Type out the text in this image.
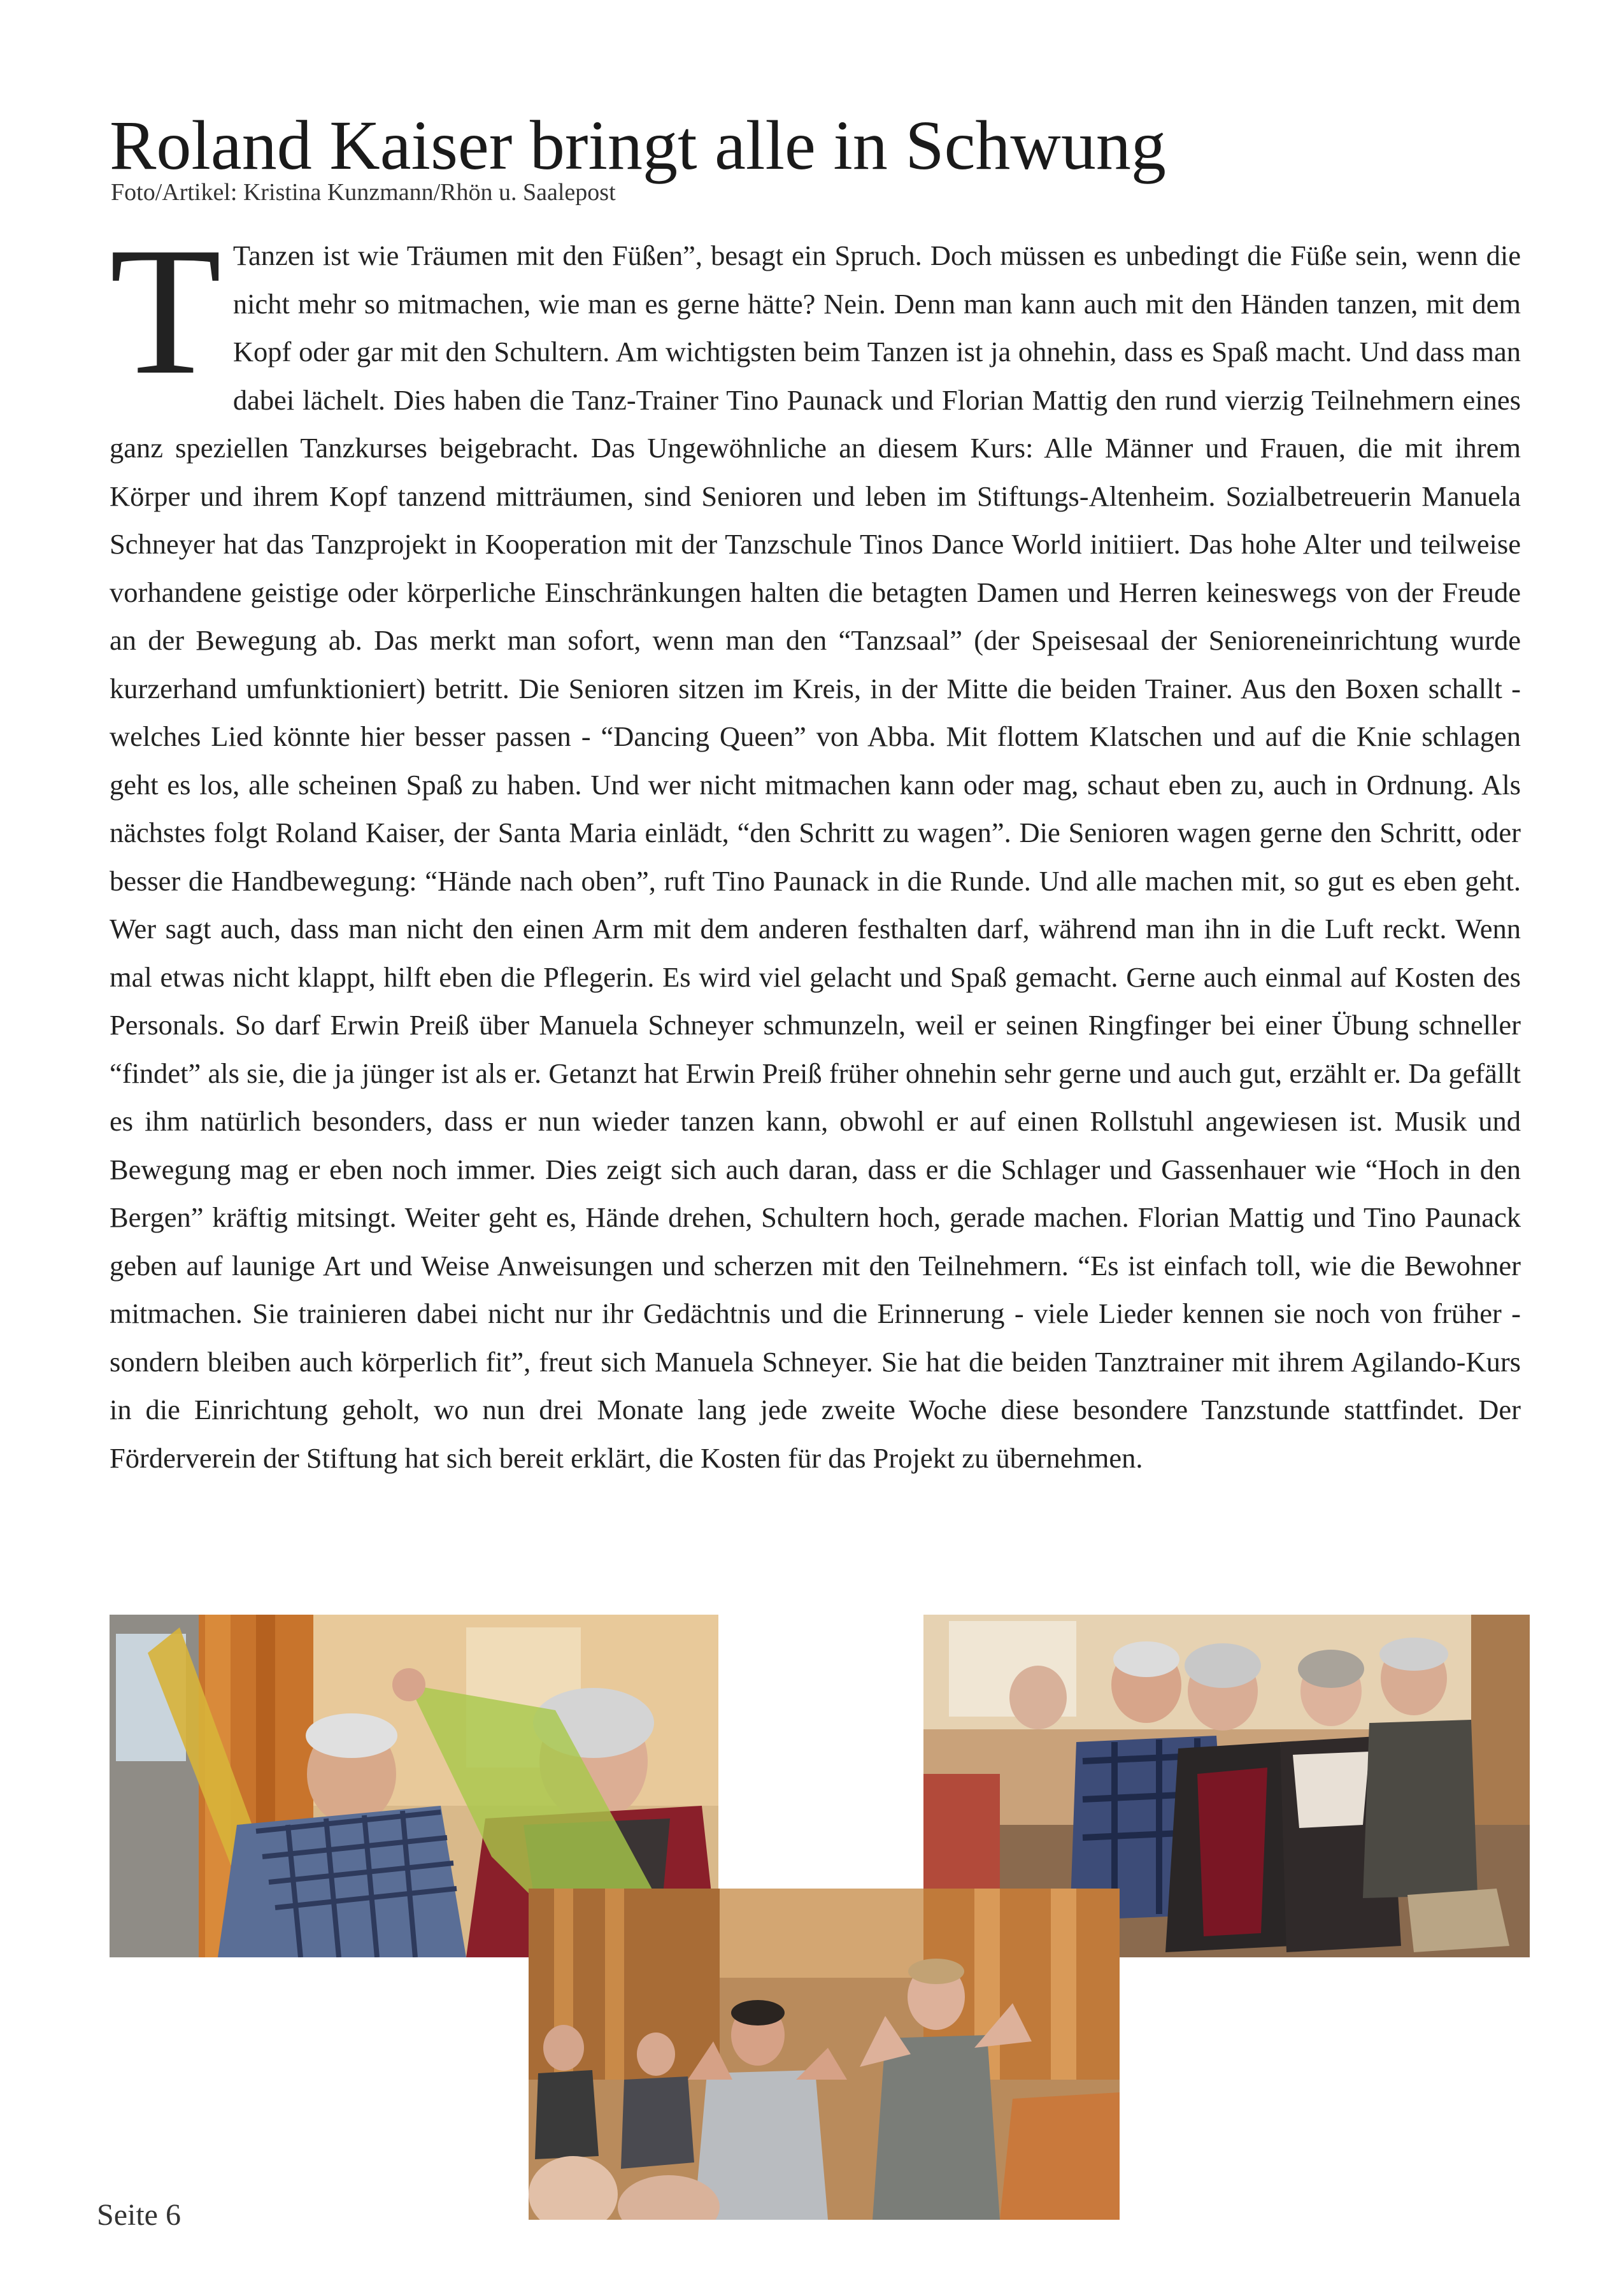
Roland Kaiser bringt alle in Schwung
Foto/Artikel: Kristina Kunzmann/Rhön u. Saalepost

T Tanzen ist wie Träumen mit den Füßen”, besagt ein Spruch. Doch müssen es unbedingt die Füße sein, wenn die nicht mehr so mitmachen, wie man es gerne hätte? Nein. Denn man kann auch mit den Händen tanzen, mit dem Kopf oder gar mit den Schultern. Am wichtigsten beim Tanzen ist ja ohnehin, dass es Spaß macht. Und dass man dabei lächelt. Dies haben die Tanz-Trainer Tino Paunack und Florian Mattig den rund vierzig Teilnehmern eines ganz speziellen Tanzkurses beigebracht. Das Ungewöhnliche an diesem Kurs: Alle Männer und Frauen, die mit ihrem Körper und ihrem Kopf tanzend mitträumen, sind Senioren und leben im Stiftungs-Altenheim. Sozialbetreuerin Manuela Schneyer hat das Tanzprojekt in Kooperation mit der Tanzschule Tinos Dance World initiiert. Das hohe Alter und teilweise vorhandene geistige oder körperliche Einschränkungen halten die betagten Damen und Herren keineswegs von der Freude an der Bewegung ab. Das merkt man sofort, wenn man den “Tanzsaal” (der Speisesaal der Senioreneinrichtung wurde kurzerhand umfunktioniert) betritt. Die Senioren sitzen im Kreis, in der Mitte die beiden Trainer. Aus den Boxen schallt - welches Lied könnte hier besser passen - “Dancing Queen” von Abba. Mit flottem Klatschen und auf die Knie schlagen geht es los, alle scheinen Spaß zu haben. Und wer nicht mitmachen kann oder mag, schaut eben zu, auch in Ordnung. Als nächstes folgt Roland Kaiser, der Santa Maria einlädt, “den Schritt zu wagen”. Die Senioren wagen gerne den Schritt, oder besser die Handbewegung: “Hände nach oben”, ruft Tino Paunack in die Runde. Und alle machen mit, so gut es eben geht. Wer sagt auch, dass man nicht den einen Arm mit dem anderen festhalten darf, während man ihn in die Luft reckt. Wenn mal etwas nicht klappt, hilft eben die Pflegerin. Es wird viel gelacht und Spaß gemacht. Gerne auch einmal auf Kosten des Personals. So darf Erwin Preiß über Manuela Schneyer schmunzeln, weil er seinen Ringfinger bei einer Übung schneller “findet” als sie, die ja jünger ist als er. Getanzt hat Erwin Preiß früher ohnehin sehr gerne und auch gut, erzählt er. Da gefällt es ihm natürlich besonders, dass er nun wieder tanzen kann, obwohl er auf einen Rollstuhl angewiesen ist. Musik und Bewegung mag er eben noch immer. Dies zeigt sich auch daran, dass er die Schlager und Gassenhauer wie “Hoch in den Bergen” kräftig mitsingt. Weiter geht es, Hände drehen, Schultern hoch, gerade machen. Florian Mattig und Tino Paunack geben auf launige Art und Weise Anweisungen und scherzen mit den Teilnehmern. “Es ist einfach toll, wie die Bewohner mitmachen. Sie trainieren dabei nicht nur ihr Gedächtnis und die Erinnerung - viele Lieder kennen sie noch von früher - sondern bleiben auch körperlich fit”, freut sich Manuela Schneyer. Sie hat die beiden Tanztrainer mit ihrem Agilando-Kurs in die Einrichtung geholt, wo nun drei Monate lang jede zweite Woche diese besondere Tanzstunde stattfindet. Der Förderverein der Stiftung hat sich bereit erklärt, die Kosten für das Projekt zu übernehmen.

Seite 6
